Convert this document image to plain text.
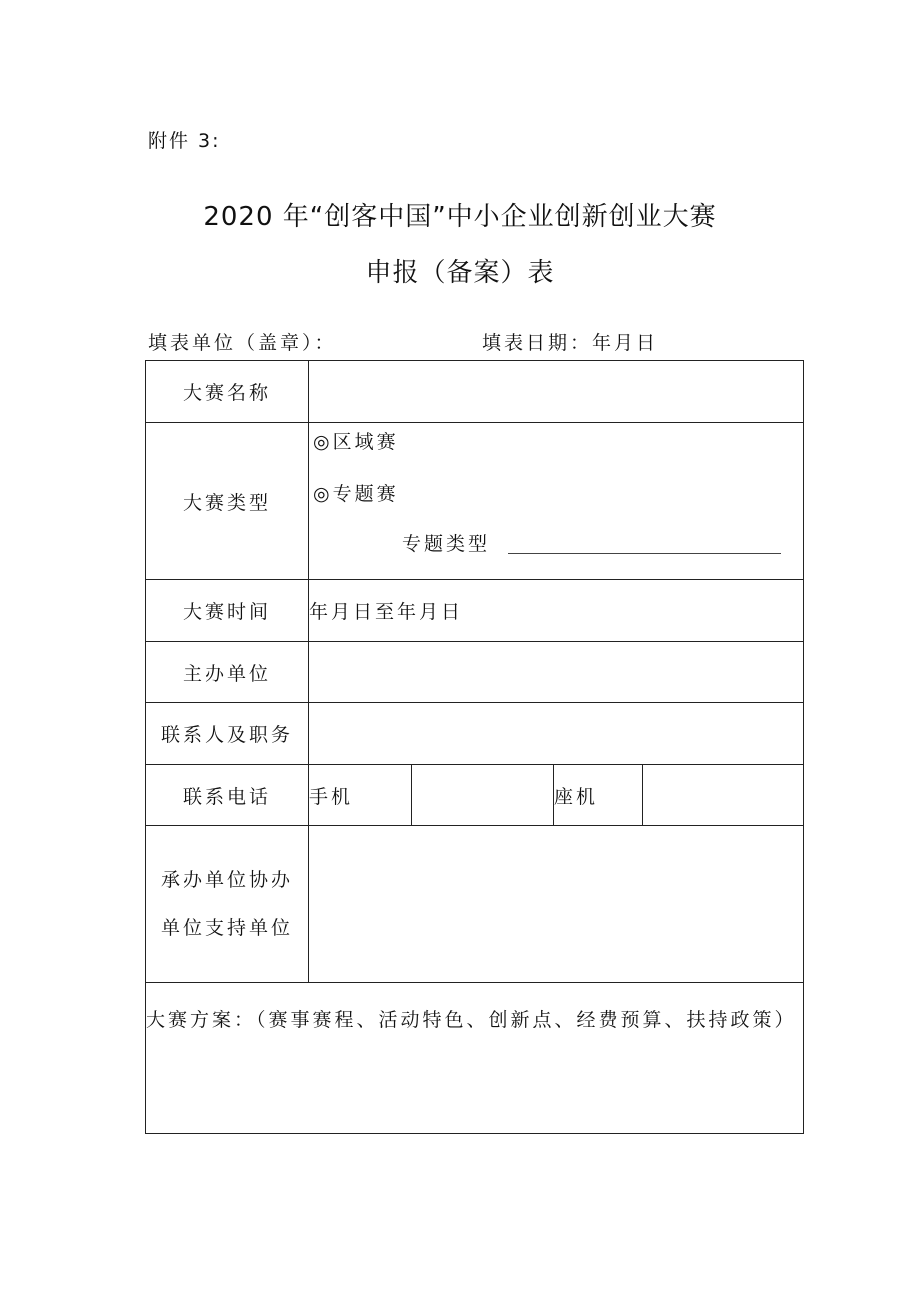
附件 3:
2020 年“创客中国”中小企业创新创业大赛
申报（备案）表
填表单位（盖章）：	填表日期：年月日
大赛名称				
大赛类型	◎区域赛
◎专题赛
专题类型			

大赛时间	年月日至年月日			
主办单位				
联系人及职务				
联系电话	手机		座机	
承办单位协办
单位支持单位				
大赛方案：（赛事赛程、活动特色、创新点、经费预算、扶持政策）				
